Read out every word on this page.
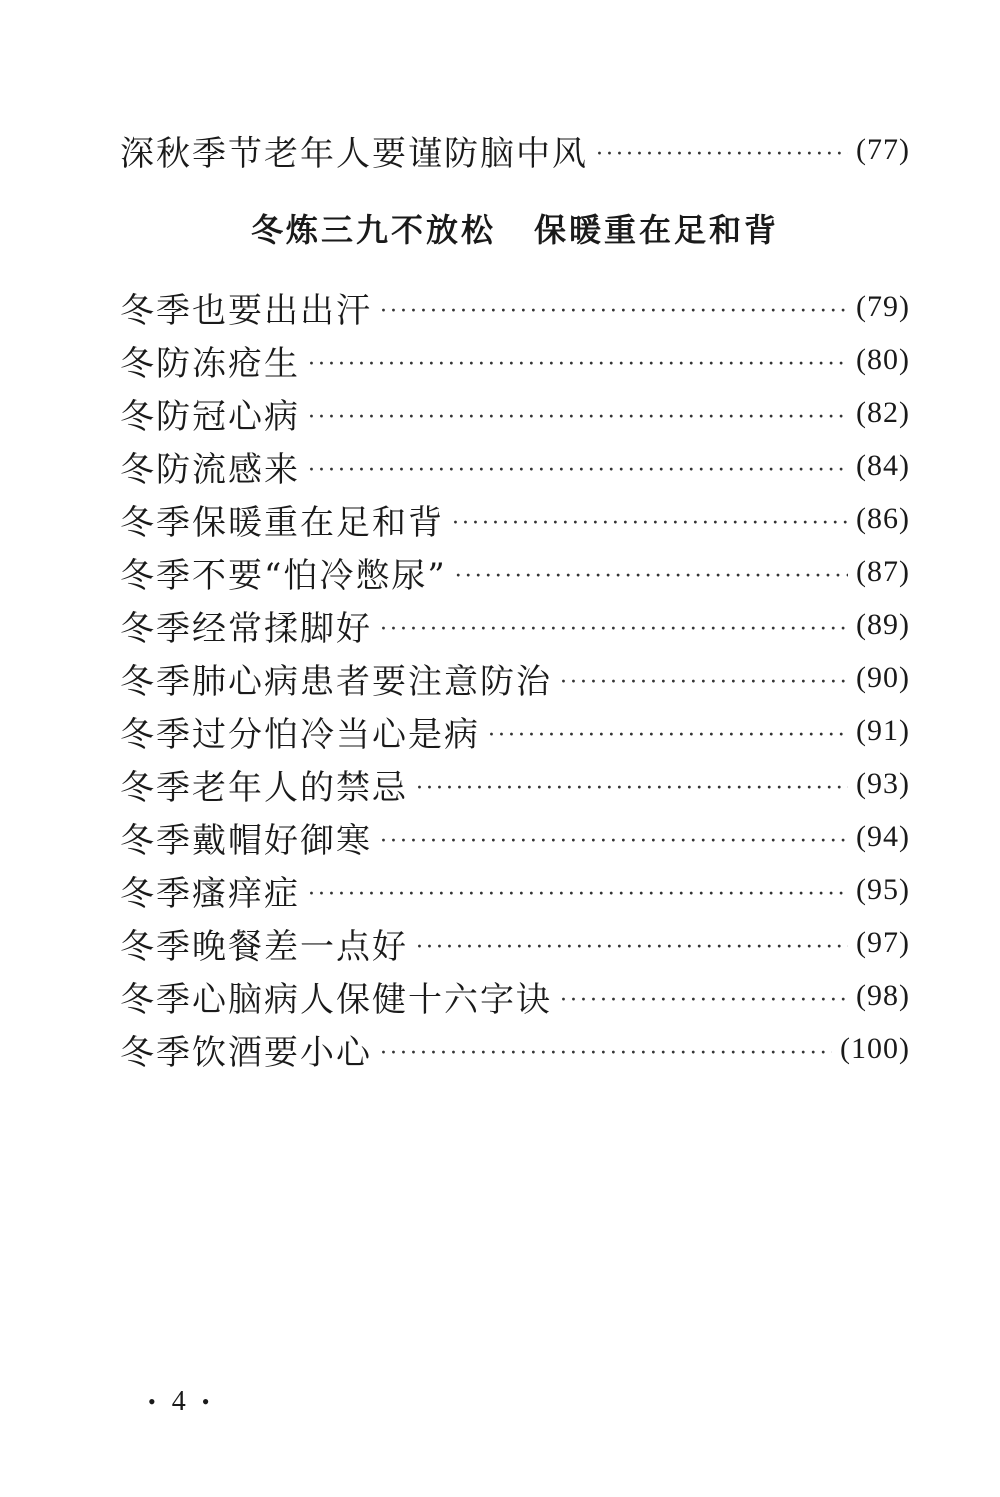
深秋季节老年人要谨防脑中风 ·····	(77)
冬炼三九不放松 保暖重在足和背
冬季也要出出汗 ·····	(79)
冬防冻疮生 ·····	(80)
冬防冠心病 ·····	(82)
冬防流感来 ·····	(84)
冬季保暖重在足和背 ·····	(86)
冬季不要“怕冷憋尿” ·····	(87)
冬季经常揉脚好 ·····	(89)
冬季肺心病患者要注意防治 ·····	(90)
冬季过分怕冷当心是病 ·····	(91)
冬季老年人的禁忌 ·····	(93)
冬季戴帽好御寒 ·····	(94)
冬季瘙痒症 ·····	(95)
冬季晚餐差一点好 ·····	(97)
冬季心脑病人保健十六字诀 ·····	(98)
冬季饮酒要小心 ·····	(100)
• 4 •
